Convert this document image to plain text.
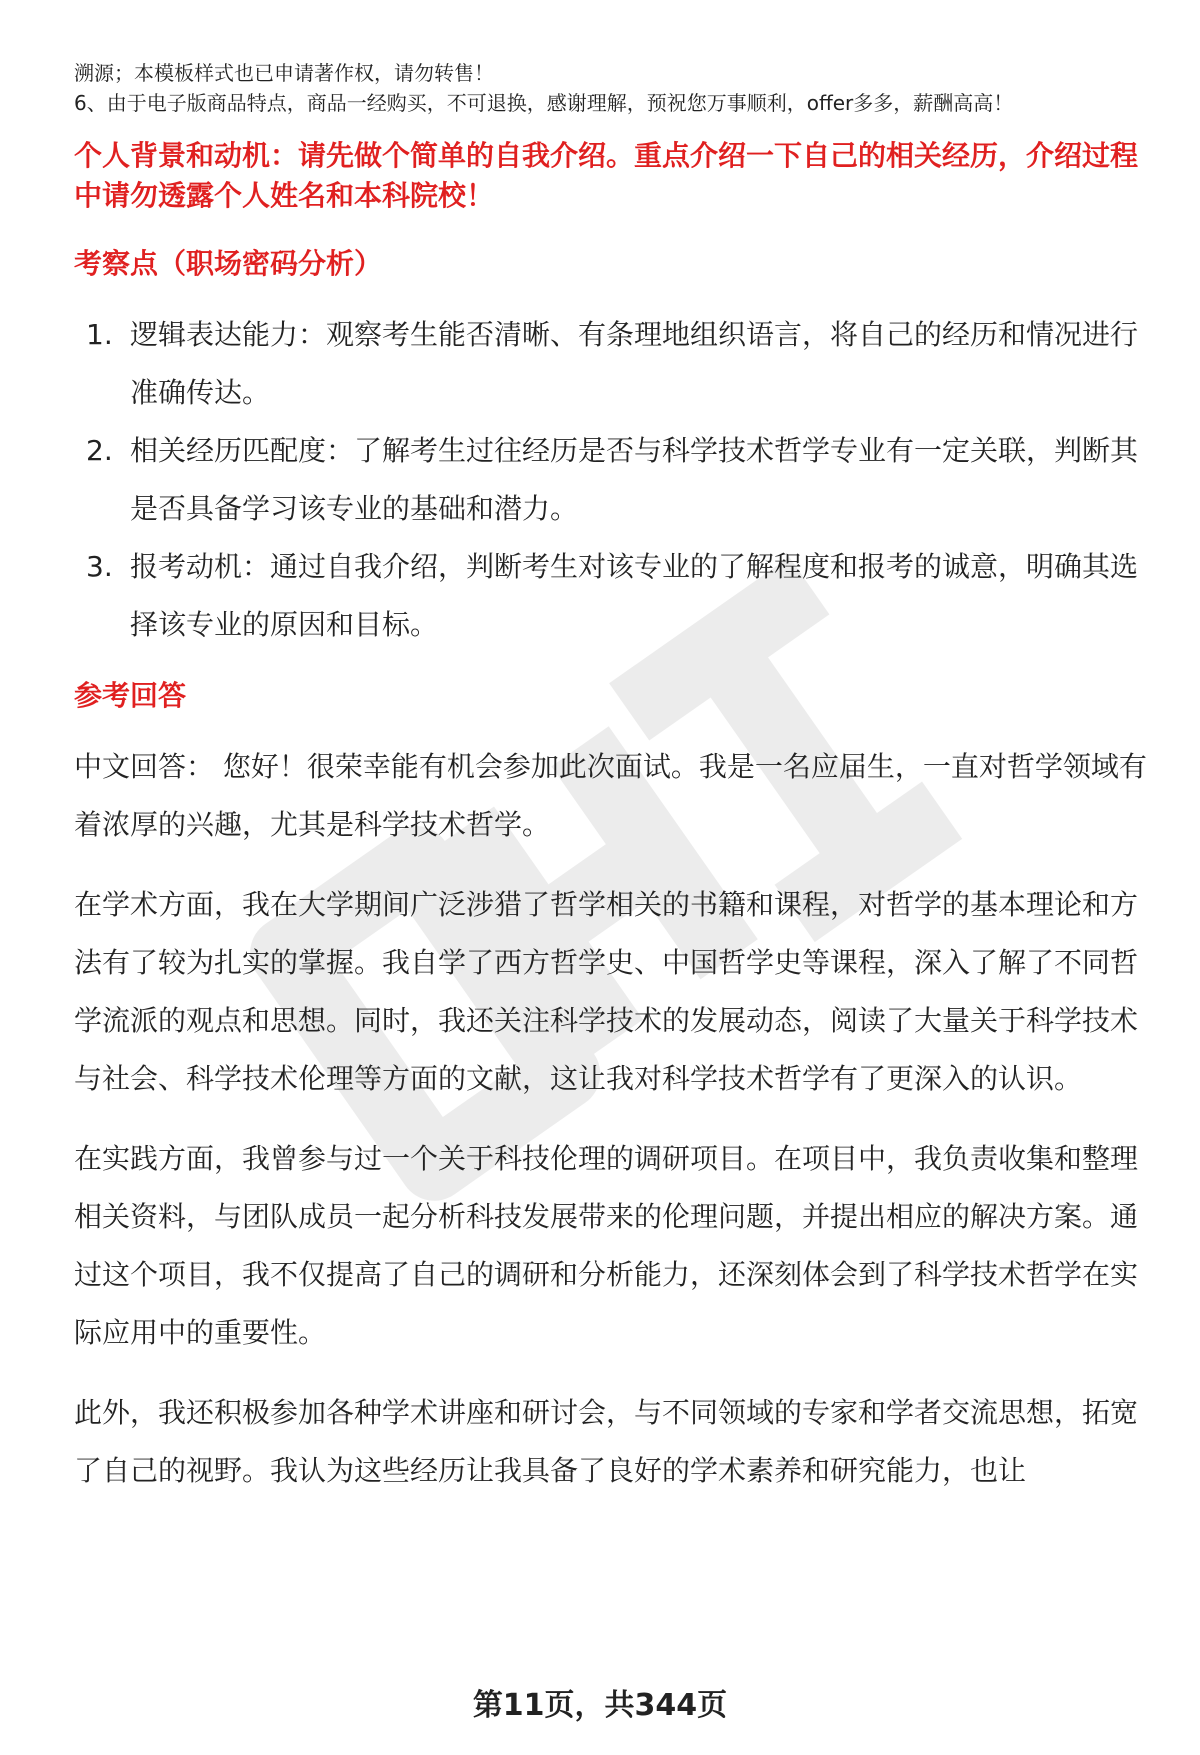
溯源；本模板样式也已申请著作权，请勿转售！

6、由于电子版商品特点，商品一经购买，不可退换，感谢理解，预祝您万事顺利，offer多多，薪酬高高！

个人背景和动机：请先做个简单的自我介绍。重点介绍一下自己的相关经历，介绍过程中请勿透露个人姓名和本科院校！
考察点（职场密码分析）
1. 逻辑表达能力：观察考生能否清晰、有条理地组织语言，将自己的经历和情况进行准确传达。
2. 相关经历匹配度：了解考生过往经历是否与科学技术哲学专业有一定关联，判断其是否具备学习该专业的基础和潜力。
3. 报考动机：通过自我介绍，判断考生对该专业的了解程度和报考的诚意，明确其选择该专业的原因和目标。
参考回答

中文回答： 您好！很荣幸能有机会参加此次面试。我是一名应届生，一直对哲学领域有着浓厚的兴趣，尤其是科学技术哲学。

在学术方面，我在大学期间广泛涉猎了哲学相关的书籍和课程，对哲学的基本理论和方法有了较为扎实的掌握。我自学了西方哲学史、中国哲学史等课程，深入了解了不同哲学流派的观点和思想。同时，我还关注科学技术的发展动态，阅读了大量关于科学技术与社会、科学技术伦理等方面的文献，这让我对科学技术哲学有了更深入的认识。

在实践方面，我曾参与过一个关于科技伦理的调研项目。在项目中，我负责收集和整理相关资料，与团队成员一起分析科技发展带来的伦理问题，并提出相应的解决方案。通过这个项目，我不仅提高了自己的调研和分析能力，还深刻体会到了科学技术哲学在实际应用中的重要性。

此外，我还积极参加各种学术讲座和研讨会，与不同领域的专家和学者交流思想，拓宽了自己的视野。我认为这些经历让我具备了良好的学术素养和研究能力，也让

第11页，共344页
